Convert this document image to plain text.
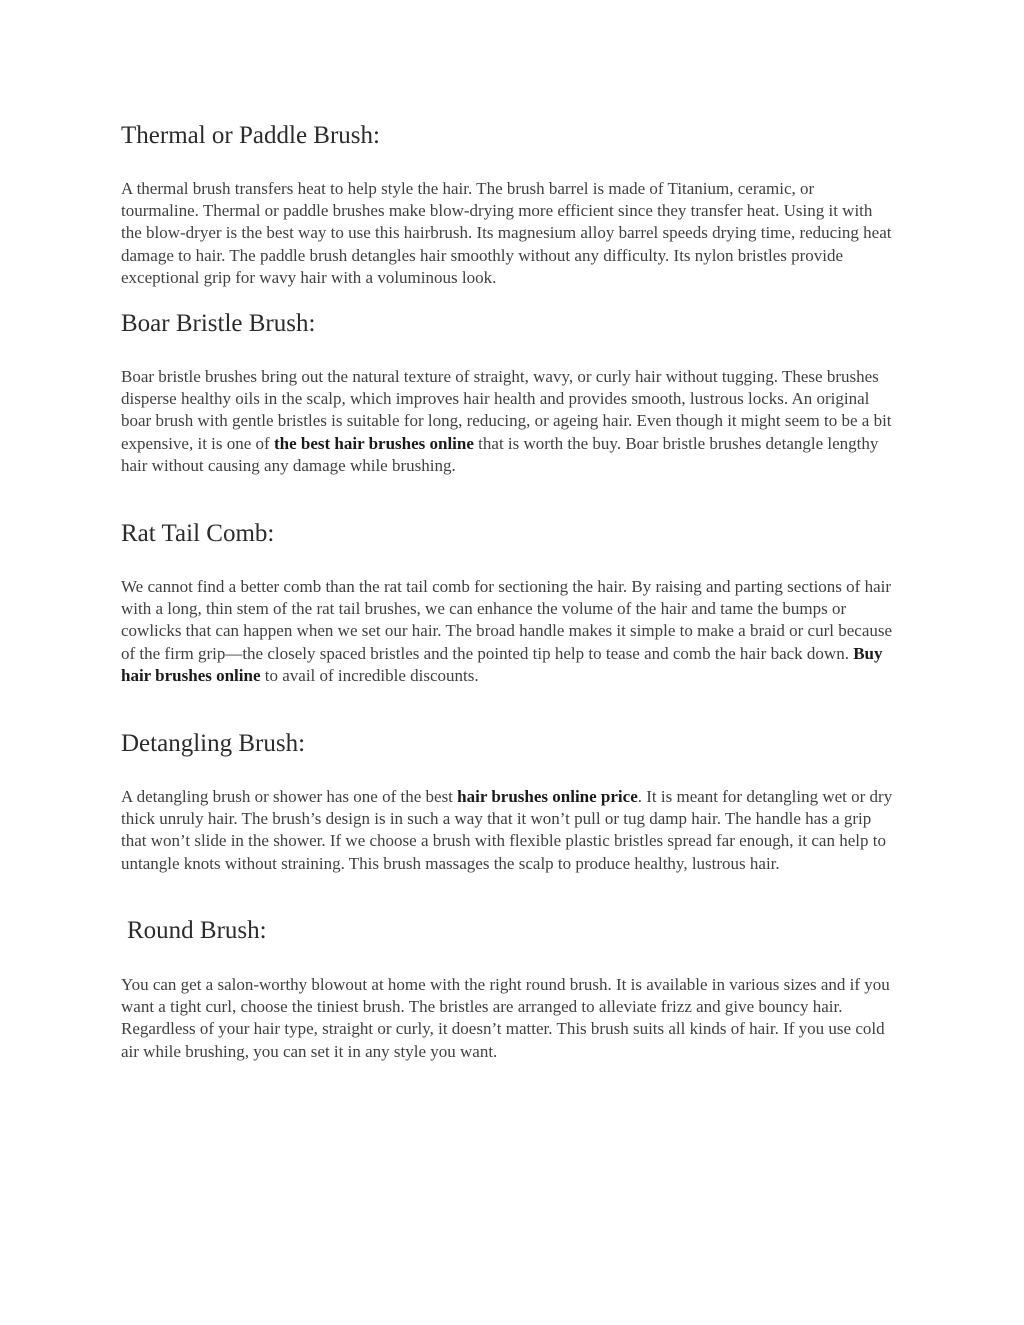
Thermal or Paddle Brush:

A thermal brush transfers heat to help style the hair. The brush barrel is made of Titanium, ceramic, or tourmaline. Thermal or paddle brushes make blow-drying more efficient since they transfer heat. Using it with the blow-dryer is the best way to use this hairbrush. Its magnesium alloy barrel speeds drying time, reducing heat damage to hair. The paddle brush detangles hair smoothly without any difficulty. Its nylon bristles provide exceptional grip for wavy hair with a voluminous look.

Boar Bristle Brush:

Boar bristle brushes bring out the natural texture of straight, wavy, or curly hair without tugging. These brushes disperse healthy oils in the scalp, which improves hair health and provides smooth, lustrous locks. An original boar brush with gentle bristles is suitable for long, reducing, or ageing hair. Even though it might seem to be a bit expensive, it is one of the best hair brushes online that is worth the buy. Boar bristle brushes detangle lengthy hair without causing any damage while brushing.

Rat Tail Comb:

We cannot find a better comb than the rat tail comb for sectioning the hair. By raising and parting sections of hair with a long, thin stem of the rat tail brushes, we can enhance the volume of the hair and tame the bumps or cowlicks that can happen when we set our hair. The broad handle makes it simple to make a braid or curl because of the firm grip—the closely spaced bristles and the pointed tip help to tease and comb the hair back down. Buy hair brushes online to avail of incredible discounts.

Detangling Brush:

A detangling brush or shower has one of the best hair brushes online price. It is meant for detangling wet or dry thick unruly hair. The brush’s design is in such a way that it won’t pull or tug damp hair. The handle has a grip that won’t slide in the shower. If we choose a brush with flexible plastic bristles spread far enough, it can help to untangle knots without straining. This brush massages the scalp to produce healthy, lustrous hair.

Round Brush:

You can get a salon-worthy blowout at home with the right round brush. It is available in various sizes and if you want a tight curl, choose the tiniest brush. The bristles are arranged to alleviate frizz and give bouncy hair. Regardless of your hair type, straight or curly, it doesn’t matter. This brush suits all kinds of hair. If you use cold air while brushing, you can set it in any style you want.
